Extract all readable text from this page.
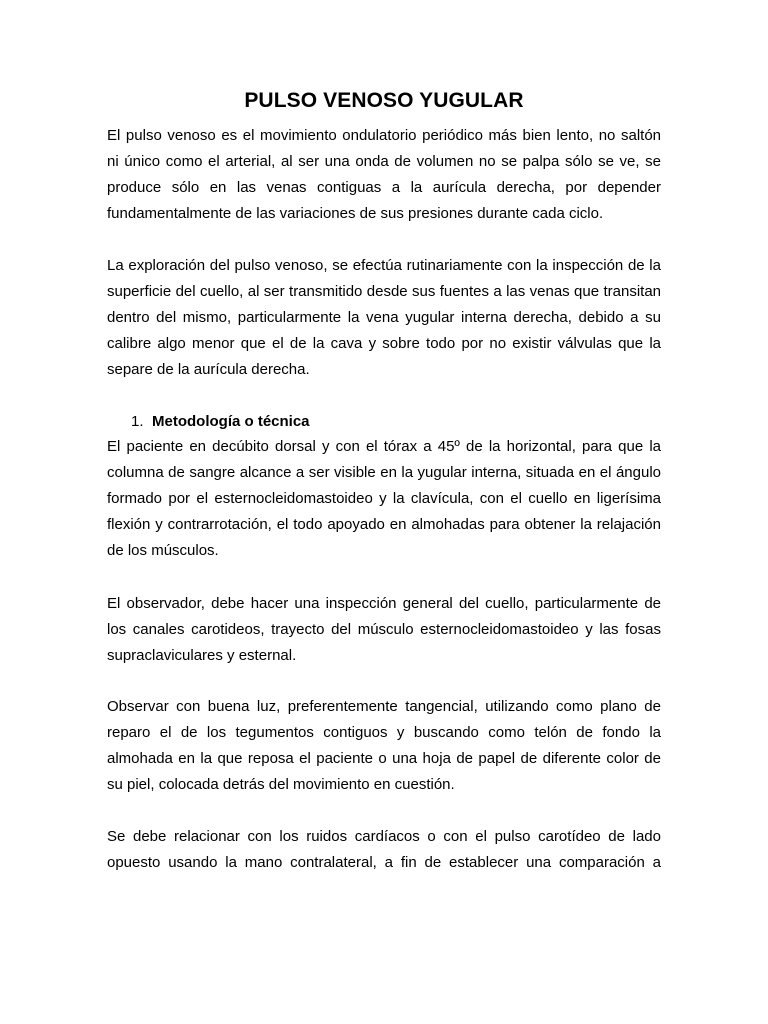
PULSO VENOSO YUGULAR

El pulso venoso es el movimiento ondulatorio periódico más bien lento, no saltón
ni único como el arterial, al ser una onda de volumen no se palpa sólo se ve, se
produce sólo en las venas contiguas a la aurícula derecha, por depender
fundamentalmente de las variaciones de sus presiones durante cada ciclo.

La exploración del pulso venoso, se efectúa rutinariamente con la inspección de la
superficie del cuello, al ser transmitido desde sus fuentes a las venas que transitan
dentro del mismo, particularmente la vena yugular interna derecha, debido a su
calibre algo menor que el de la cava y sobre todo por no existir válvulas que la
separe de la aurícula derecha.

1. Metodología o técnica

El paciente en decúbito dorsal y con el tórax a 45º de la horizontal, para que la
columna de sangre alcance a ser visible en la yugular interna, situada en el ángulo
formado por el esternocleidomastoideo y la clavícula, con el cuello en ligerísima
flexión y contrarrotación, el todo apoyado en almohadas para obtener la relajación
de los músculos.

El observador, debe hacer una inspección general del cuello, particularmente de
los canales carotideos, trayecto del músculo esternocleidomastoideo y las fosas
supraclaviculares y esternal.

Observar con buena luz, preferentemente tangencial, utilizando como plano de
reparo el de los tegumentos contiguos y buscando como telón de fondo la
almohada en la que reposa el paciente o una hoja de papel de diferente color de
su piel, colocada detrás del movimiento en cuestión.

Se debe relacionar con los ruidos cardíacos o con el pulso carotídeo de lado
opuesto usando la mano contralateral, a fin de establecer una comparación a
